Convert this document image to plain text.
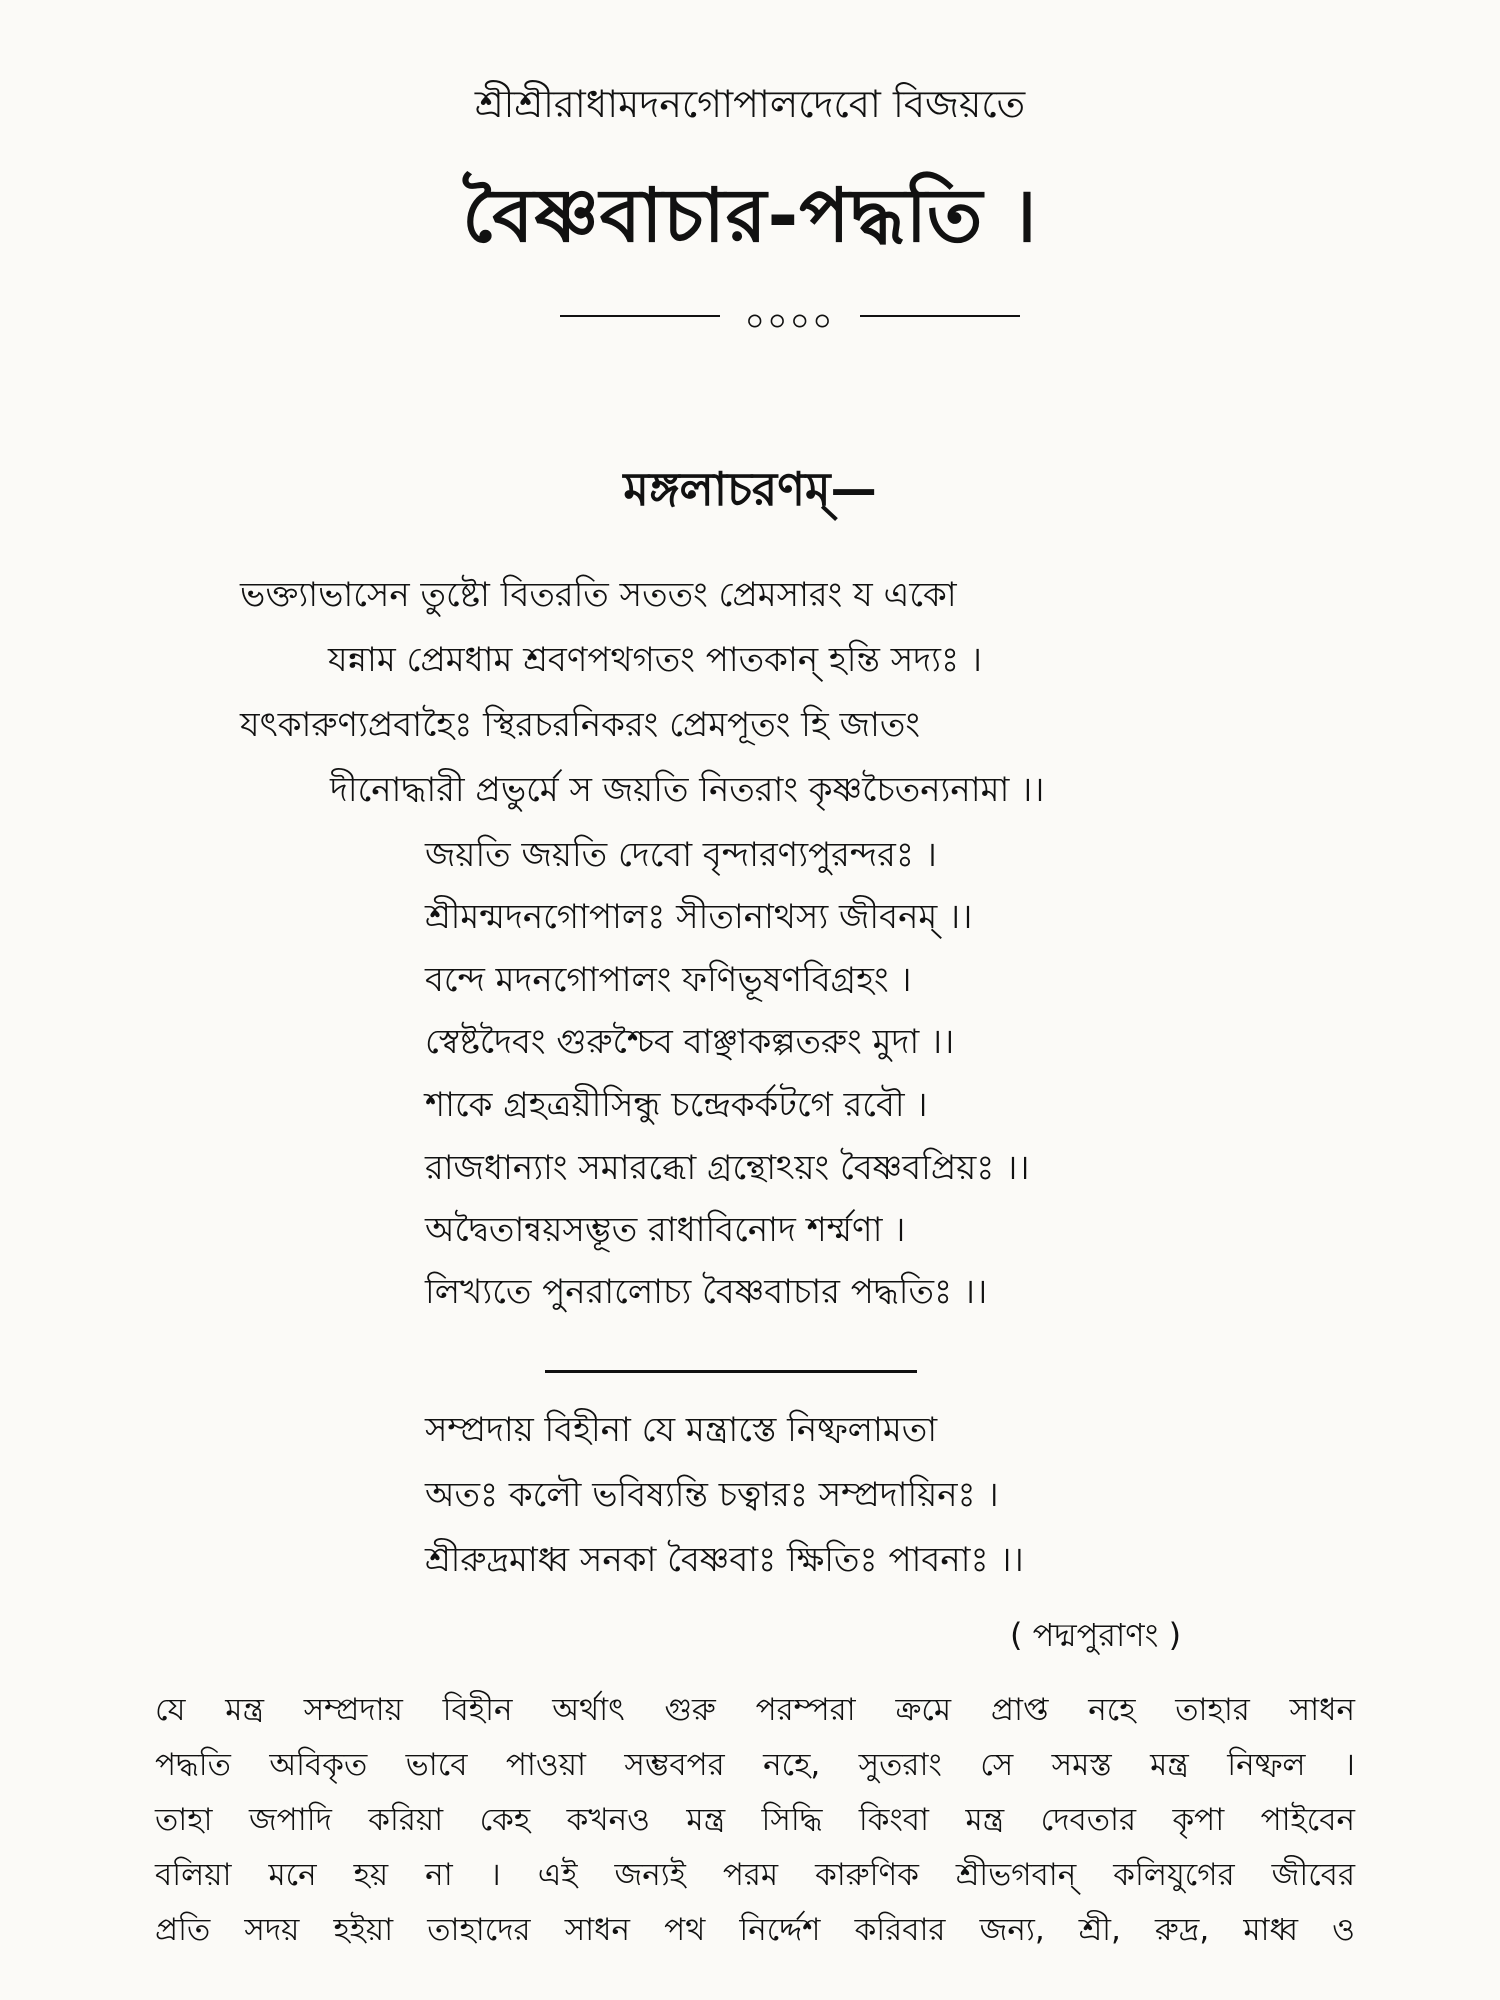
শ্রীশ্রীরাধামদনগোপালদেবো বিজয়তে
বৈষ্ণবাচার-পদ্ধতি ।
০০০০
মঙ্গলাচরণম্—
ভক্ত্যাভাসেন তুষ্টো বিতরতি সততং প্রেমসারং য একো
যন্নাম প্রেমধাম শ্রবণপথগতং পাতকান্ হন্তি সদ্যঃ ।
যৎকারুণ্যপ্রবাহৈঃ স্থিরচরনিকরং প্রেমপূতং হি জাতং
দীনোদ্ধারী প্রভুর্মে স জয়তি নিতরাং কৃষ্ণচৈতন্যনামা ।।
জয়তি জয়তি দেবো বৃন্দারণ্যপুরন্দরঃ ।
শ্রীমন্মদনগোপালঃ সীতানাথস্য জীবনম্ ।।
বন্দে মদনগোপালং ফণিভূষণবিগ্রহং ।
স্বেষ্টদৈবং গুরুশ্চৈব বাঞ্ছাকল্পতরুং মুদা ।।
শাকে গ্রহত্রয়ীসিন্ধু চন্দ্রেকর্কটগে রবৌ ।
রাজধান্যাং সমারব্ধো গ্রন্থোঽয়ং বৈষ্ণবপ্রিয়ঃ ।।
অদ্বৈতান্বয়সম্ভূত রাধাবিনোদ শর্ম্মণা ।
লিখ্যতে পুনরালোচ্য বৈষ্ণবাচার পদ্ধতিঃ ।।
সম্প্রদায় বিহীনা যে মন্ত্রাস্তে নিষ্ফলামতা
অতঃ কলৌ ভবিষ্যন্তি চত্বারঃ সম্প্রদায়িনঃ ।
শ্রীরুদ্রমাধ্ব সনকা বৈষ্ণবাঃ ক্ষিতিঃ পাবনাঃ ।।
( পদ্মপুরাণং )
যে মন্ত্র সম্প্রদায় বিহীন অর্থাৎ গুরু পরম্পরা ক্রমে প্রাপ্ত নহে তাহার সাধন
পদ্ধতি অবিকৃত ভাবে পাওয়া সম্ভবপর নহে, সুতরাং সে সমস্ত মন্ত্র নিষ্ফল ।
তাহা জপাদি করিয়া কেহ কখনও মন্ত্র সিদ্ধি কিংবা মন্ত্র দেবতার কৃপা পাইবেন
বলিয়া মনে হয় না । এই জন্যই পরম কারুণিক শ্রীভগবান্ কলিযুগের জীবের
প্রতি সদয় হইয়া তাহাদের সাধন পথ নির্দ্দেশ করিবার জন্য, শ্রী, রুদ্র, মাধ্ব ও
